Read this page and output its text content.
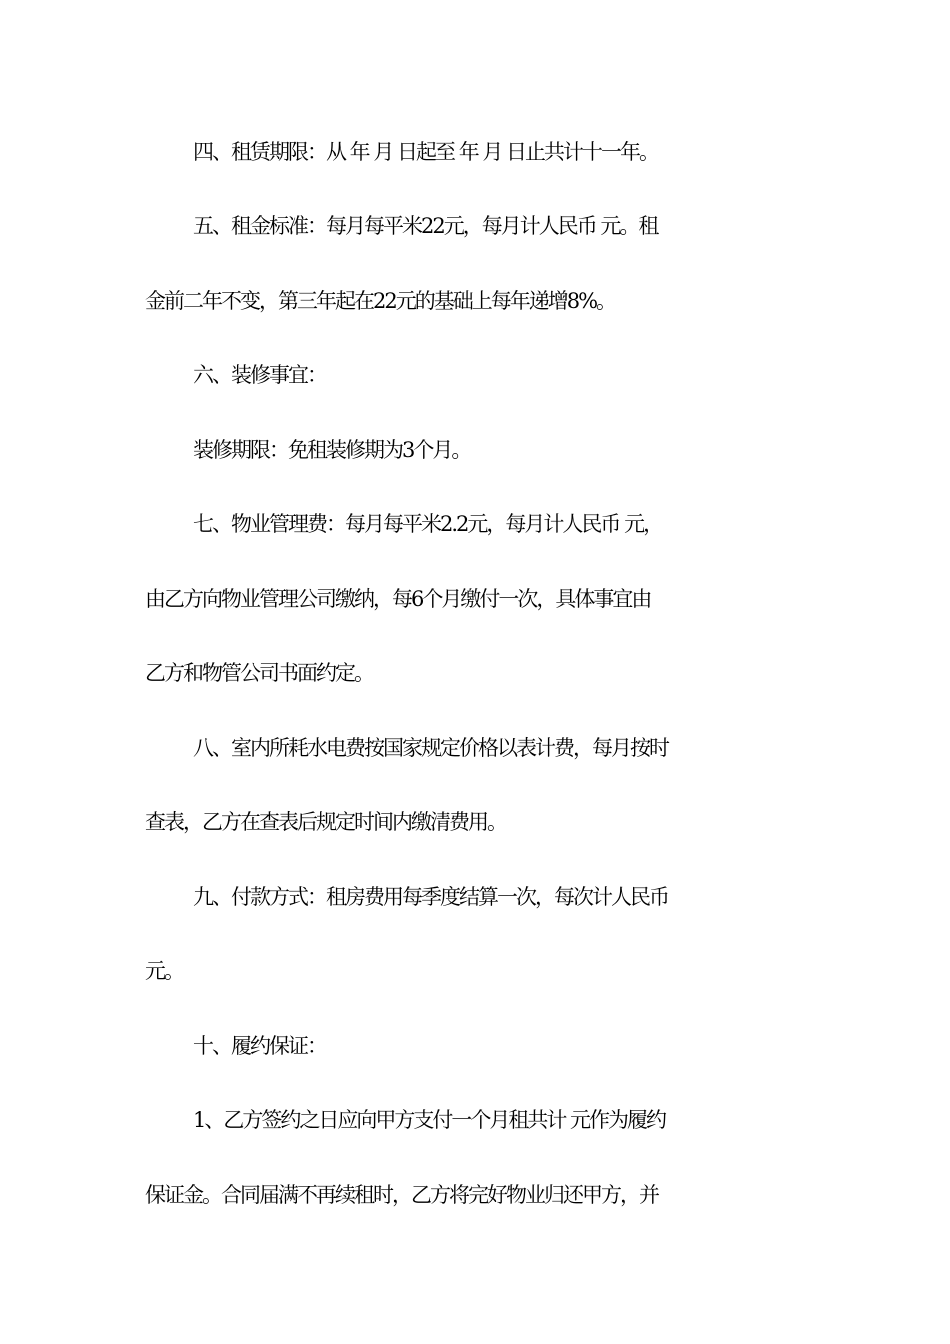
四、租赁期限：从 年 月 日起至 年 月 日止共计十一年。
五、租金标准：每月每平米22元，每月计人民币 元。租
金前二年不变，第三年起在22元的基础上每年递增8%。
六、装修事宜：
装修期限：免租装修期为3个月。
七、物业管理费：每月每平米2.2元，每月计人民币 元，
由乙方向物业管理公司缴纳，每6个月缴付一次，具体事宜由
乙方和物管公司书面约定。
八、室内所耗水电费按国家规定价格以表计费，每月按时
查表，乙方在查表后规定时间内缴清费用。
九、付款方式：租房费用每季度结算一次，每次计人民币
元。
十、履约保证：
1、乙方签约之日应向甲方支付一个月租共计 元作为履约
保证金。合同届满不再续租时，乙方将完好物业归还甲方，并
